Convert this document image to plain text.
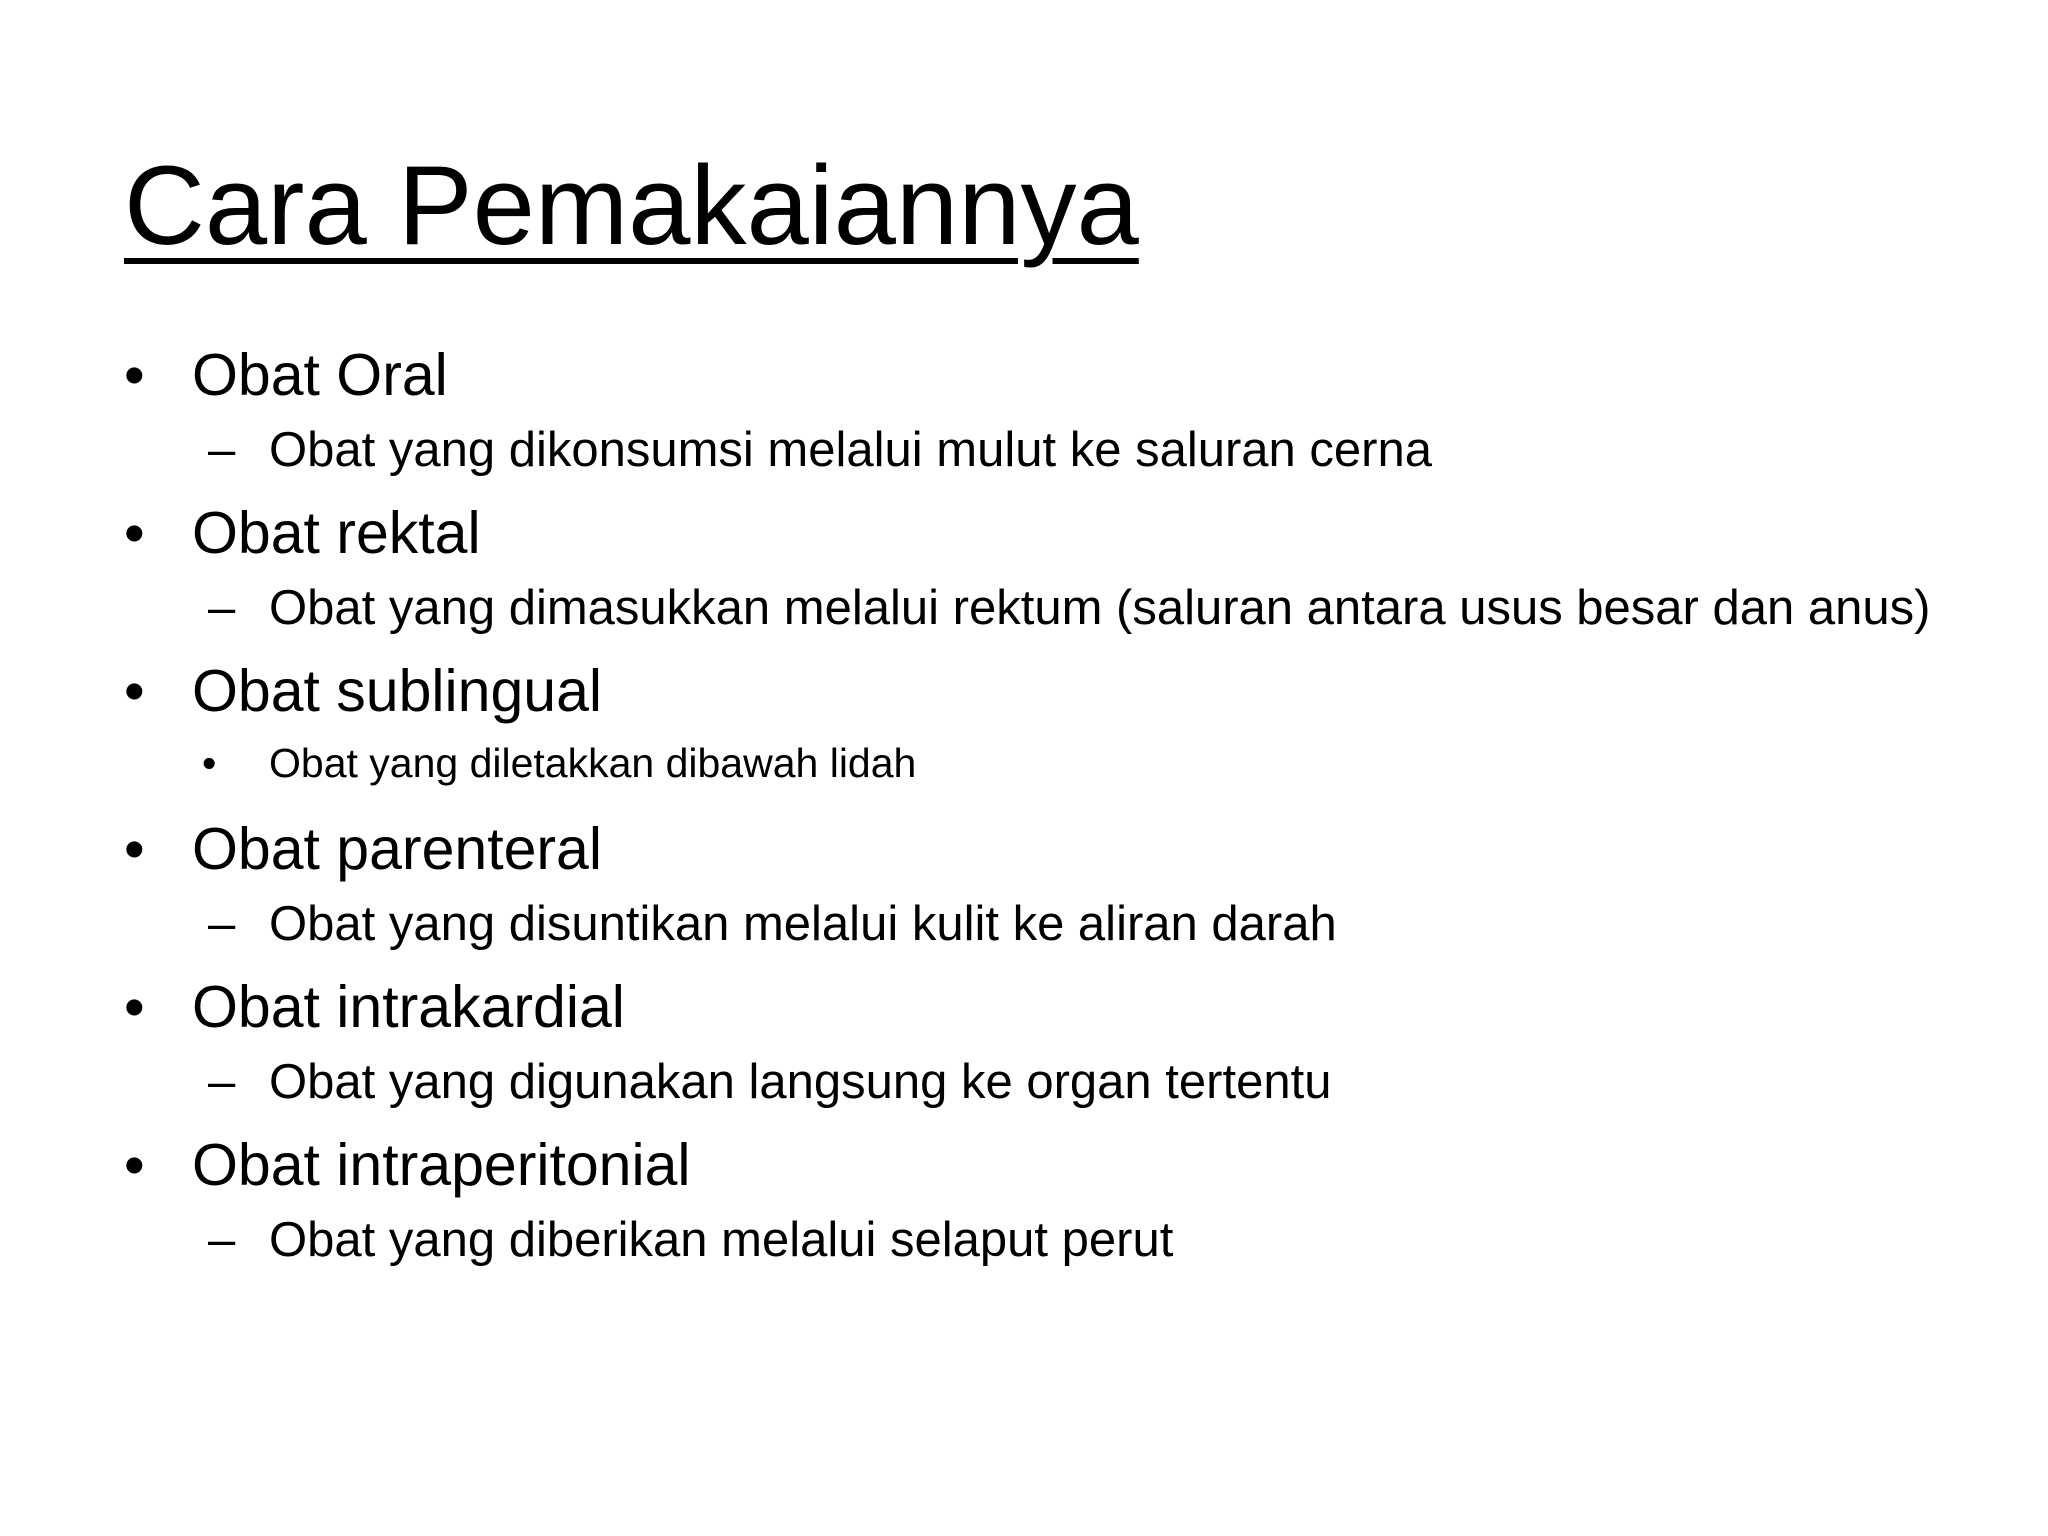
Cara Pemakaiannya
• Obat Oral
– Obat yang dikonsumsi melalui mulut ke saluran cerna
• Obat rektal
– Obat yang dimasukkan melalui rektum (saluran antara usus besar dan anus)
• Obat sublingual
•	Obat yang diletakkan dibawah lidah
• Obat parenteral
– Obat yang disuntikan melalui kulit ke aliran darah
• Obat intrakardial
– Obat yang digunakan langsung ke organ tertentu
• Obat intraperitonial
– Obat yang diberikan melalui selaput perut
